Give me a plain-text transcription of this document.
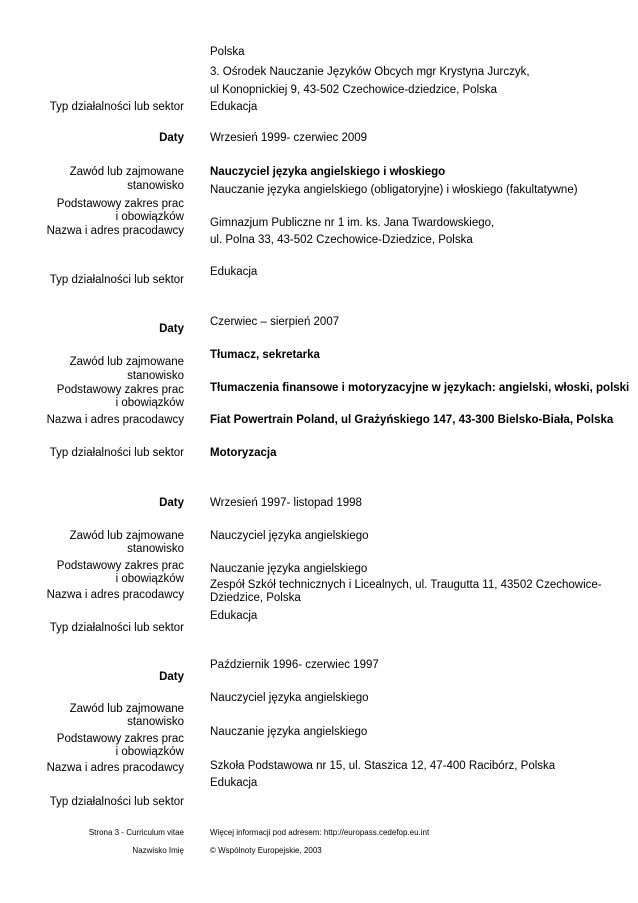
Polska
3. Ośrodek Nauczanie Języków Obcych mgr Krystyna Jurczyk,
ul Konopnickiej 9, 43-502 Czechowice-dziedzice, Polska
Typ działalności lub sektor Edukacja
Daty Wrzesień 1999- czerwiec 2009
Zawód lub zajmowane
stanowisko
Nauczyciel języka angielskiego i włoskiego
Nauczanie języka angielskiego (obligatoryjne) i włoskiego (fakultatywne)
Podstawowy zakres prac
i obowiązków Gimnazjum Publiczne nr 1 im. ks. Jana Twardowskiego,
Nazwa i adres pracodawcy
ul. Polna 33, 43-502 Czechowice-Dziedzice, Polska
Edukacja
Typ działalności lub sektor
Czerwiec – sierpień 2007
Daty
Tłumacz, sekretarka
Zawód lub zajmowane
stanowisko
Podstawowy zakres prac Tłumaczenia finansowe i motoryzacyjne w językach: angielski, włoski, polski
i obowiązków
Nazwa i adres pracodawcy Fiat Powertrain Poland, ul Grażyńskiego 147, 43-300 Bielsko-Biała, Polska
Typ działalności lub sektor Motoryzacja
Daty Wrzesień 1997- listopad 1998
Zawód lub zajmowane Nauczyciel języka angielskiego
stanowisko
Podstawowy zakres prac Nauczanie języka angielskiego
i obowiązków Zespół Szkół technicznych i Licealnych, ul. Traugutta 11, 43502 Czechowice-
Nazwa i adres pracodawcy Dziedzice, Polska
Edukacja
Typ działalności lub sektor
Październik 1996- czerwiec 1997
Daty
Nauczyciel języka angielskiego
Zawód lub zajmowane
stanowisko
Nauczanie języka angielskiego
Podstawowy zakres prac
i obowiązków
Szkoła Podstawowa nr 15, ul. Staszica 12, 47-400 Racibórz, Polska
Nazwa i adres pracodawcy
Edukacja
Typ działalności lub sektor
Strona 3 - Curriculum vitae	Więcej informacji pod adresem: http://europass.cedefop.eu.int
Nazwisko Imię	© Wspólnoty Europejskie, 2003
